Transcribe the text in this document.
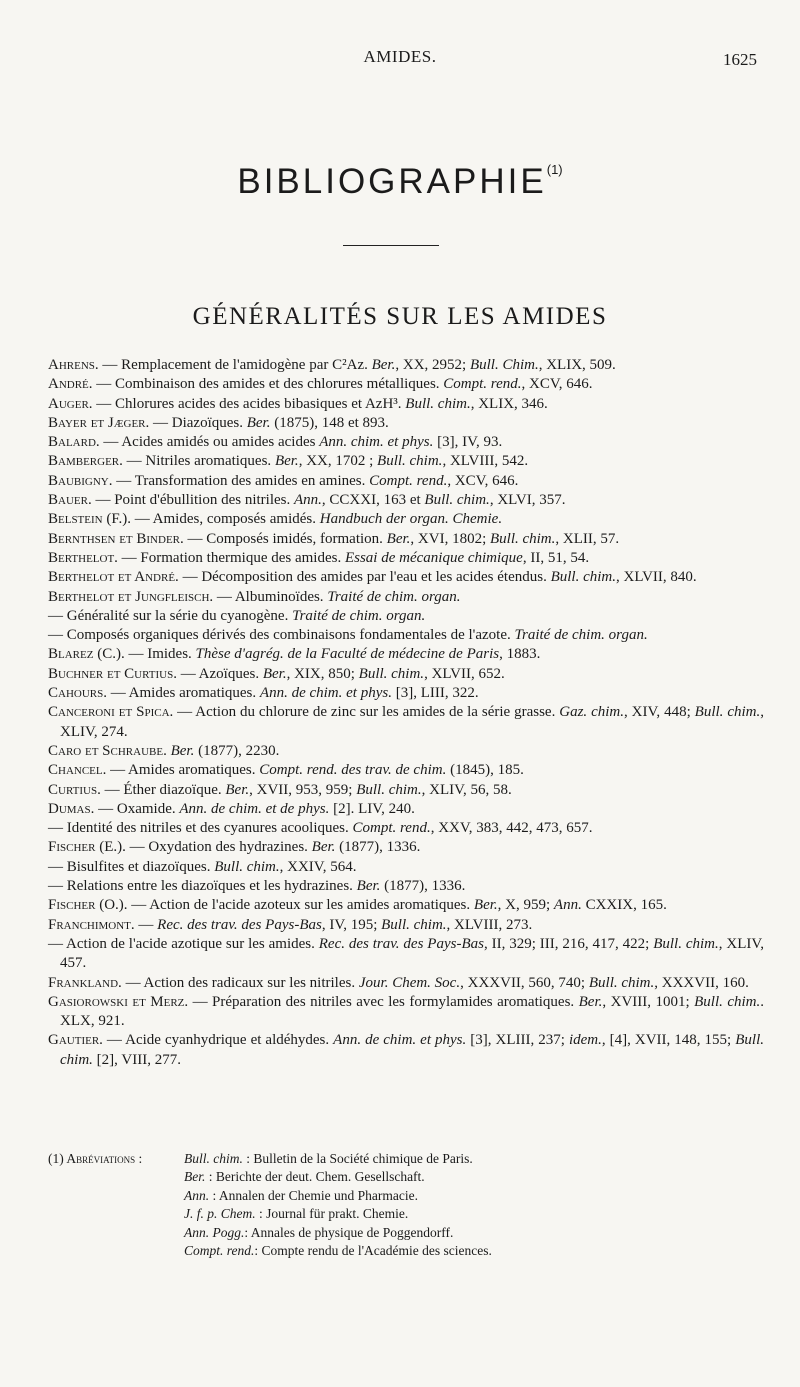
AMIDES.	1625
BIBLIOGRAPHIE$^{(1)}$
GÉNÉRALITÉS SUR LES AMIDES
Ahrens. — Remplacement de l'amidogène par C²Az. Ber., XX, 2952; Bull. Chim., XLIX, 509.
André. — Combinaison des amides et des chlorures métalliques. Compt. rend., XCV, 646.
Auger. — Chlorures acides des acides bibasiques et AzH³. Bull. chim., XLIX, 346.
Bayer et Jæger. — Diazoïques. Ber. (1875), 148 et 893.
Balard. — Acides amidés ou amides acides Ann. chim. et phys. [3], IV, 93.
Bamberger. — Nitriles aromatiques. Ber., XX, 1702 ; Bull. chim., XLVIII, 542.
Baubigny. — Transformation des amides en amines. Compt. rend., XCV, 646.
Bauer. — Point d'ébullition des nitriles. Ann., CCXXI, 163 et Bull. chim., XLVI, 357.
Belstein (F.). — Amides, composés amidés. Handbuch der organ. Chemie.
Bernthsen et Binder. — Composés imidés, formation. Ber., XVI, 1802; Bull. chim., XLII, 57.
Berthelot. — Formation thermique des amides. Essai de mécanique chimique, II, 51, 54.
Berthelot et André. — Décomposition des amides par l'eau et les acides étendus. Bull. chim., XLVII, 840.
Berthelot et Jungfleisch. — Albuminoïdes. Traité de chim. organ.
— Généralité sur la série du cyanogène. Traité de chim. organ.
— Composés organiques dérivés des combinaisons fondamentales de l'azote. Traité de chim. organ.
Blarez (C.). — Imides. Thèse d'agrég. de la Faculté de médecine de Paris, 1883.
Buchner et Curtius. — Azoïques. Ber., XIX, 850; Bull. chim., XLVII, 652.
Cahours. — Amides aromatiques. Ann. de chim. et phys. [3], LIII, 322.
Canceroni et Spica. — Action du chlorure de zinc sur les amides de la série grasse. Gaz. chim., XIV, 448; Bull. chim., XLIV, 274.
Caro et Schraube. Ber. (1877), 2230.
Chancel. — Amides aromatiques. Compt. rend. des trav. de chim. (1845), 185.
Curtius. — Éther diazoïque. Ber., XVII, 953, 959; Bull. chim., XLIV, 56, 58.
Dumas. — Oxamide. Ann. de chim. et de phys. [2]. LIV, 240.
— Identité des nitriles et des cyanures acooliques. Compt. rend., XXV, 383, 442, 473, 657.
Fischer (E.). — Oxydation des hydrazines. Ber. (1877), 1336.
— Bisulfites et diazoïques. Bull. chim., XXIV, 564.
— Relations entre les diazoïques et les hydrazines. Ber. (1877), 1336.
Fischer (O.). — Action de l'acide azoteux sur les amides aromatiques. Ber., X, 959; Ann. CXXIX, 165.
Franchimont. — Rec. des trav. des Pays-Bas, IV, 195; Bull. chim., XLVIII, 273.
— Action de l'acide azotique sur les amides. Rec. des trav. des Pays-Bas, II, 329; III, 216, 417, 422; Bull. chim., XLIV, 457.
Frankland. — Action des radicaux sur les nitriles. Jour. Chem. Soc., XXXVII, 560, 740; Bull. chim., XXXVII, 160.
Gasiorowski et Merz. — Préparation des nitriles avec les formylamides aromatiques. Ber., XVIII, 1001; Bull. chim.. XLX, 921.
Gautier. — Acide cyanhydrique et aldéhydes. Ann. de chim. et phys. [3], XLIII, 237; idem., [4], XVII, 148, 155; Bull. chim. [2], VIII, 277.
(1) Abréviations :	Bull. chim. : Bulletin de la Société chimique de Paris.
Ber. : Berichte der deut. Chem. Gesellschaft.
Ann. : Annalen der Chemie und Pharmacie.
J. f. p. Chem. : Journal für prakt. Chemie.
Ann. Pogg.: Annales de physique de Poggendorff.
Compt. rend.: Compte rendu de l'Académie des sciences.
